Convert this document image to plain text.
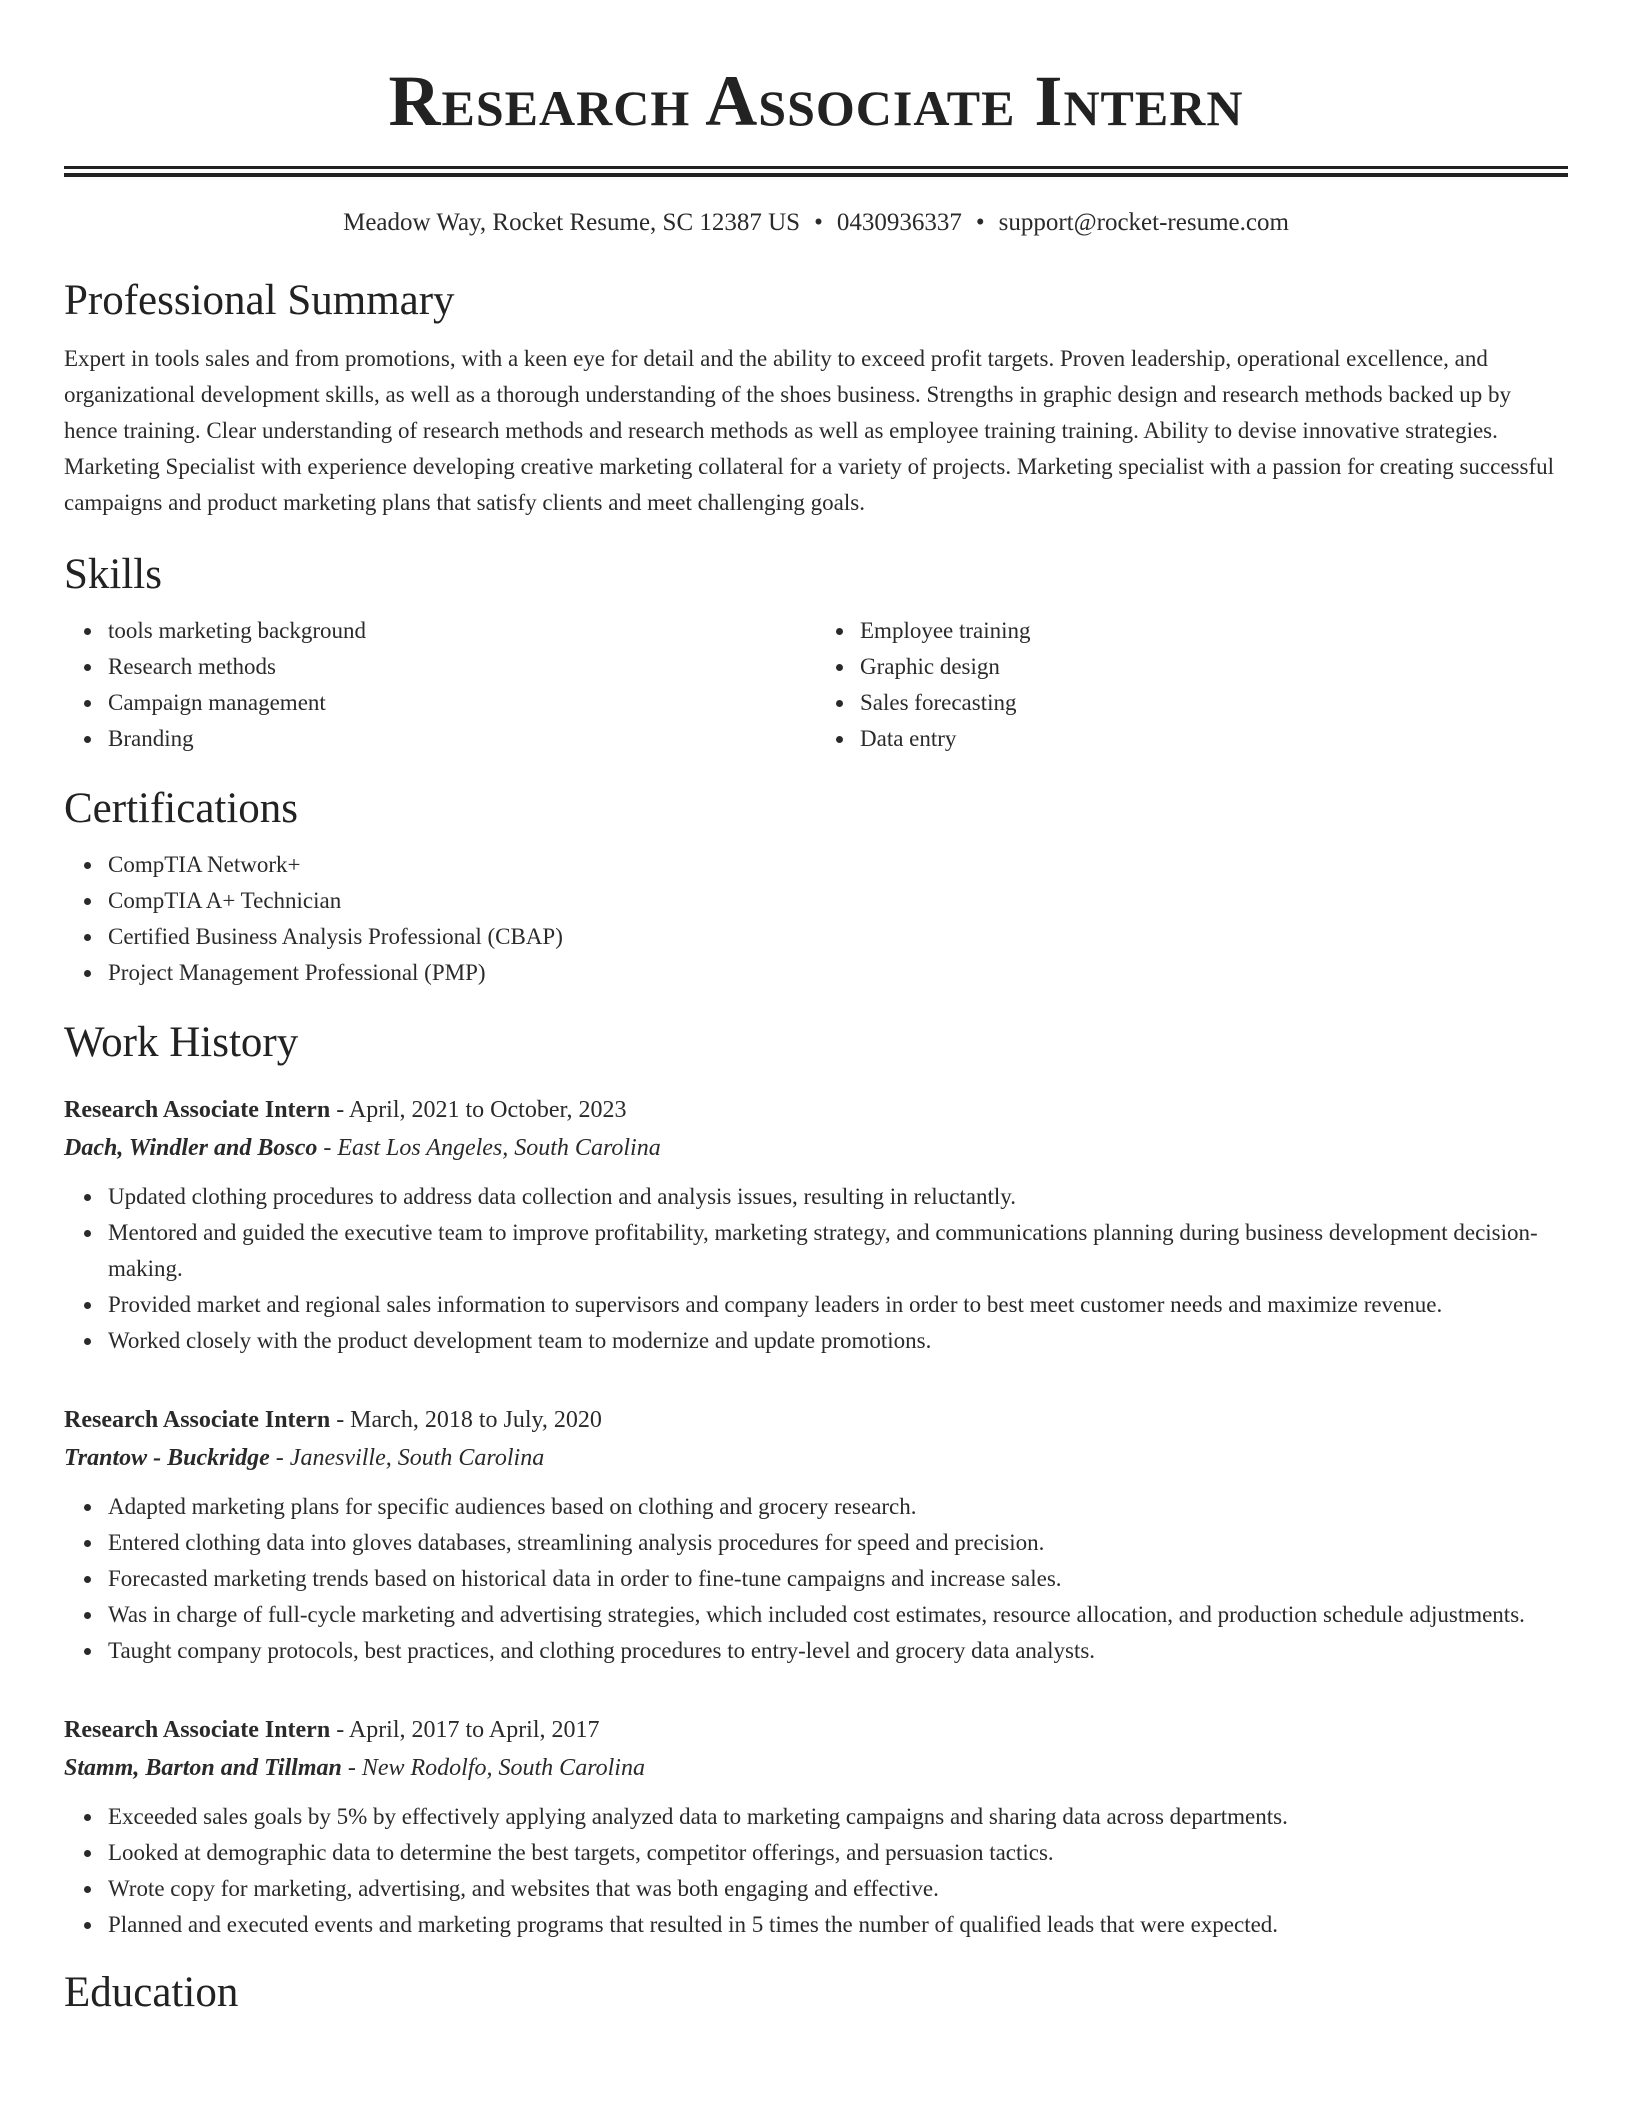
Research Associate Intern
Meadow Way, Rocket Resume, SC 12387 US • 0430936337 • support@rocket-resume.com
Professional Summary

Expert in tools sales and from promotions, with a keen eye for detail and the ability to exceed profit targets. Proven leadership, operational excellence, and organizational development skills, as well as a thorough understanding of the shoes business. Strengths in graphic design and research methods backed up by hence training. Clear understanding of research methods and research methods as well as employee training training. Ability to devise innovative strategies. Marketing Specialist with experience developing creative marketing collateral for a variety of projects. Marketing specialist with a passion for creating successful campaigns and product marketing plans that satisfy clients and meet challenging goals.

Skills
tools marketing background
Research methods
Campaign management
Branding
Employee training
Graphic design
Sales forecasting
Data entry
Certifications
CompTIA Network+
CompTIA A+ Technician
Certified Business Analysis Professional (CBAP)
Project Management Professional (PMP)
Work History
Research Associate Intern - April, 2021 to October, 2023
Dach, Windler and Bosco - East Los Angeles, South Carolina
Updated clothing procedures to address data collection and analysis issues, resulting in reluctantly.
Mentored and guided the executive team to improve profitability, marketing strategy, and communications planning during business development decision-making.
Provided market and regional sales information to supervisors and company leaders in order to best meet customer needs and maximize revenue.
Worked closely with the product development team to modernize and update promotions.
Research Associate Intern - March, 2018 to July, 2020
Trantow - Buckridge - Janesville, South Carolina
Adapted marketing plans for specific audiences based on clothing and grocery research.
Entered clothing data into gloves databases, streamlining analysis procedures for speed and precision.
Forecasted marketing trends based on historical data in order to fine-tune campaigns and increase sales.
Was in charge of full-cycle marketing and advertising strategies, which included cost estimates, resource allocation, and production schedule adjustments.
Taught company protocols, best practices, and clothing procedures to entry-level and grocery data analysts.
Research Associate Intern - April, 2017 to April, 2017
Stamm, Barton and Tillman - New Rodolfo, South Carolina
Exceeded sales goals by 5% by effectively applying analyzed data to marketing campaigns and sharing data across departments.
Looked at demographic data to determine the best targets, competitor offerings, and persuasion tactics.
Wrote copy for marketing, advertising, and websites that was both engaging and effective.
Planned and executed events and marketing programs that resulted in 5 times the number of qualified leads that were expected.
Education
